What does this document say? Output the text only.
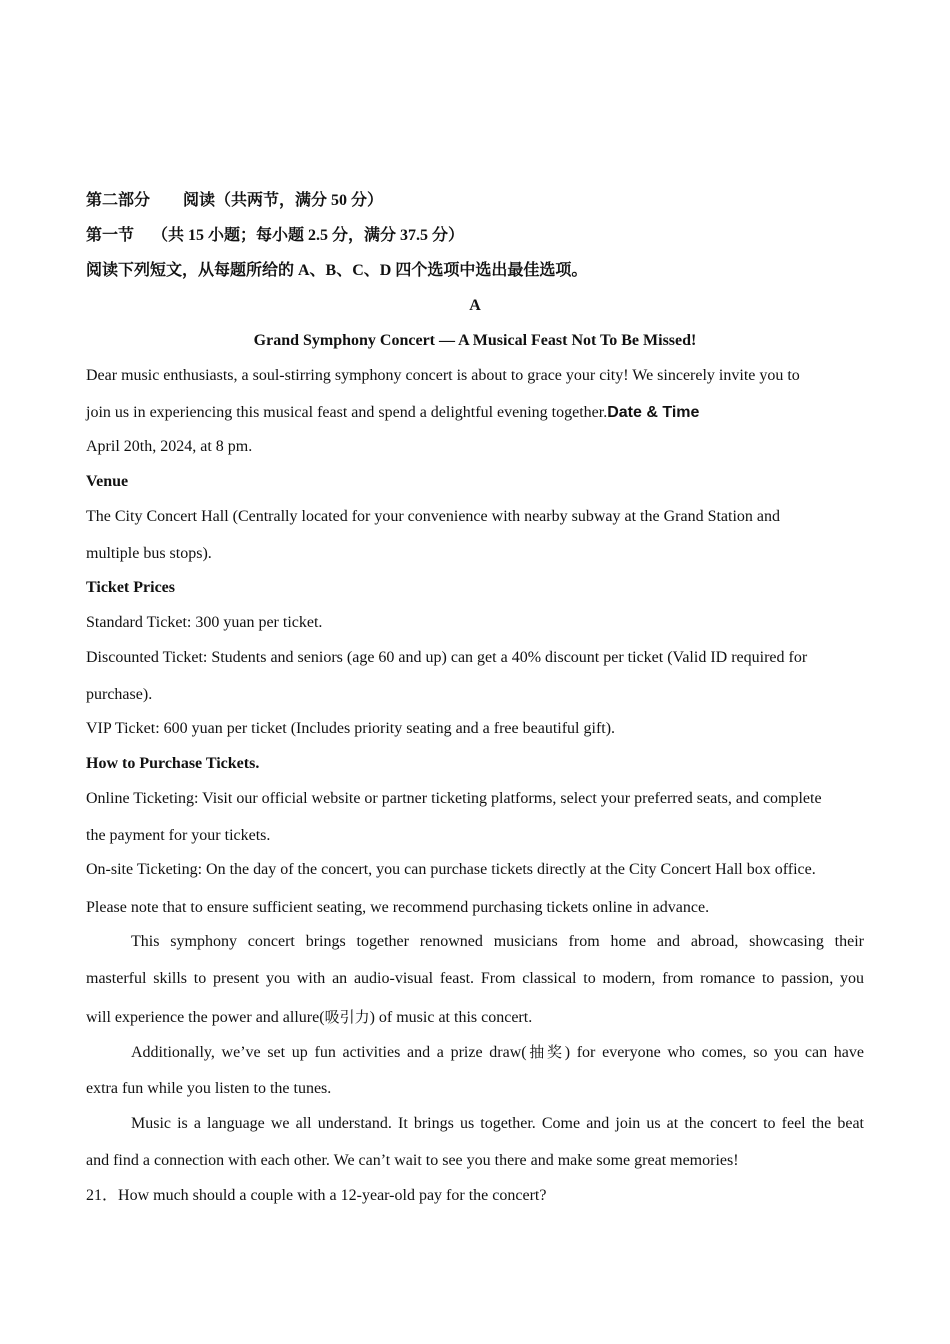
第二部分 阅读（共两节，满分 50 分）
第一节 （共 15 小题；每小题 2.5 分，满分 37.5 分）
阅读下列短文，从每题所给的 A、B、C、D 四个选项中选出最佳选项。
A
Grand Symphony Concert — A Musical Feast Not To Be Missed!
Dear music enthusiasts, a soul-stirring symphony concert is about to grace your city! We sincerely invite you to
join us in experiencing this musical feast and spend a delightful evening together.Date & Time
April 20th, 2024, at 8 pm.
Venue
The City Concert Hall (Centrally located for your convenience with nearby subway at the Grand Station and
multiple bus stops).
Ticket Prices
Standard Ticket: 300 yuan per ticket.
Discounted Ticket: Students and seniors (age 60 and up) can get a 40% discount per ticket (Valid ID required for
purchase).
VIP Ticket: 600 yuan per ticket (Includes priority seating and a free beautiful gift).
How to Purchase Tickets.
Online Ticketing: Visit our official website or partner ticketing platforms, select your preferred seats, and complete
the payment for your tickets.
On-site Ticketing: On the day of the concert, you can purchase tickets directly at the City Concert Hall box office.
Please note that to ensure sufficient seating, we recommend purchasing tickets online in advance.
This symphony concert brings together renowned musicians from home and abroad, showcasing their
masterful skills to present you with an audio-visual feast. From classical to modern, from romance to passion, you
will experience the power and allure(吸引力) of music at this concert.
Additionally, we’ve set up fun activities and a prize draw(抽奖) for everyone who comes, so you can have
extra fun while you listen to the tunes.
Music is a language we all understand. It brings us together. Come and join us at the concert to feel the beat
and find a connection with each other. We can’t wait to see you there and make some great memories!
21．How much should a couple with a 12-year-old pay for the concert?
